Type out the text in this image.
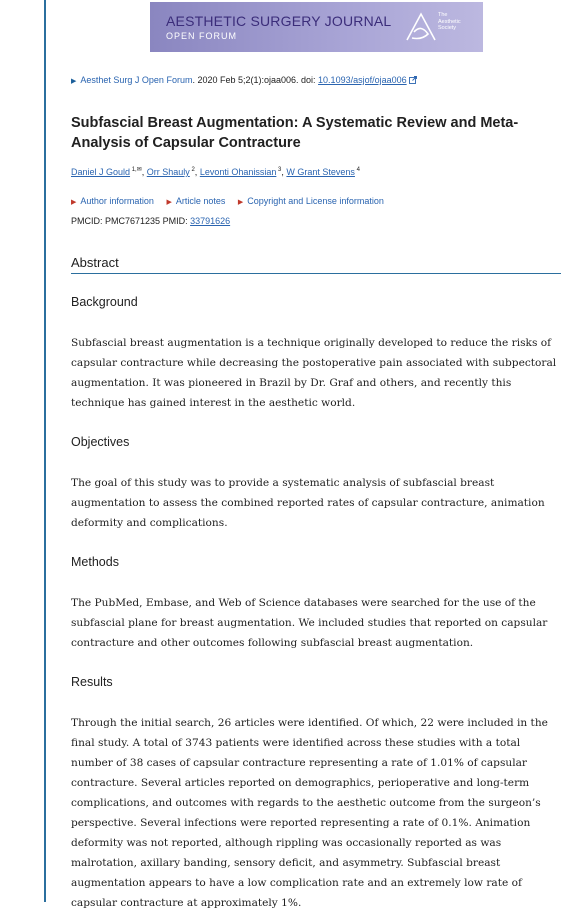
AESTHETIC SURGERY JOURNAL
OPEN FORUM
The
Aesthetic
Society
▶ Aesthet Surg J Open Forum. 2020 Feb 5;2(1):ojaa006. doi: 10.1093/asjof/ojaa006
Subfascial Breast Augmentation: A Systematic Review and Meta-Analysis of Capsular Contracture
Daniel J Gould $^{1,✉}$, Orr Shauly $^2$, Levonti Ohanissian $^3$, W Grant Stevens $^4$
▶ Author information ▶ Article notes ▶ Copyright and License information
PMCID: PMC7671235 PMID: 33791626
Abstract
Background

Subfascial breast augmentation is a technique originally developed to reduce the risks of capsular contracture while decreasing the postoperative pain associated with subpectoral augmentation. It was pioneered in Brazil by Dr. Graf and others, and recently this technique has gained interest in the aesthetic world.

Objectives

The goal of this study was to provide a systematic analysis of subfascial breast augmentation to assess the combined reported rates of capsular contracture, animation deformity and complications.

Methods

The PubMed, Embase, and Web of Science databases were searched for the use of the subfascial plane for breast augmentation. We included studies that reported on capsular contracture and other outcomes following subfascial breast augmentation.

Results

Through the initial search, 26 articles were identified. Of which, 22 were included in the final study. A total of 3743 patients were identified across these studies with a total number of 38 cases of capsular contracture representing a rate of 1.01% of capsular contracture. Several articles reported on demographics, perioperative and long-term complications, and outcomes with regards to the aesthetic outcome from the surgeon’s perspective. Several infections were reported representing a rate of 0.1%. Animation deformity was not reported, although rippling was occasionally reported as was malrotation, axillary banding, sensory deficit, and asymmetry. Subfascial breast augmentation appears to have a low complication rate and an extremely low rate of capsular contracture at approximately 1%.
